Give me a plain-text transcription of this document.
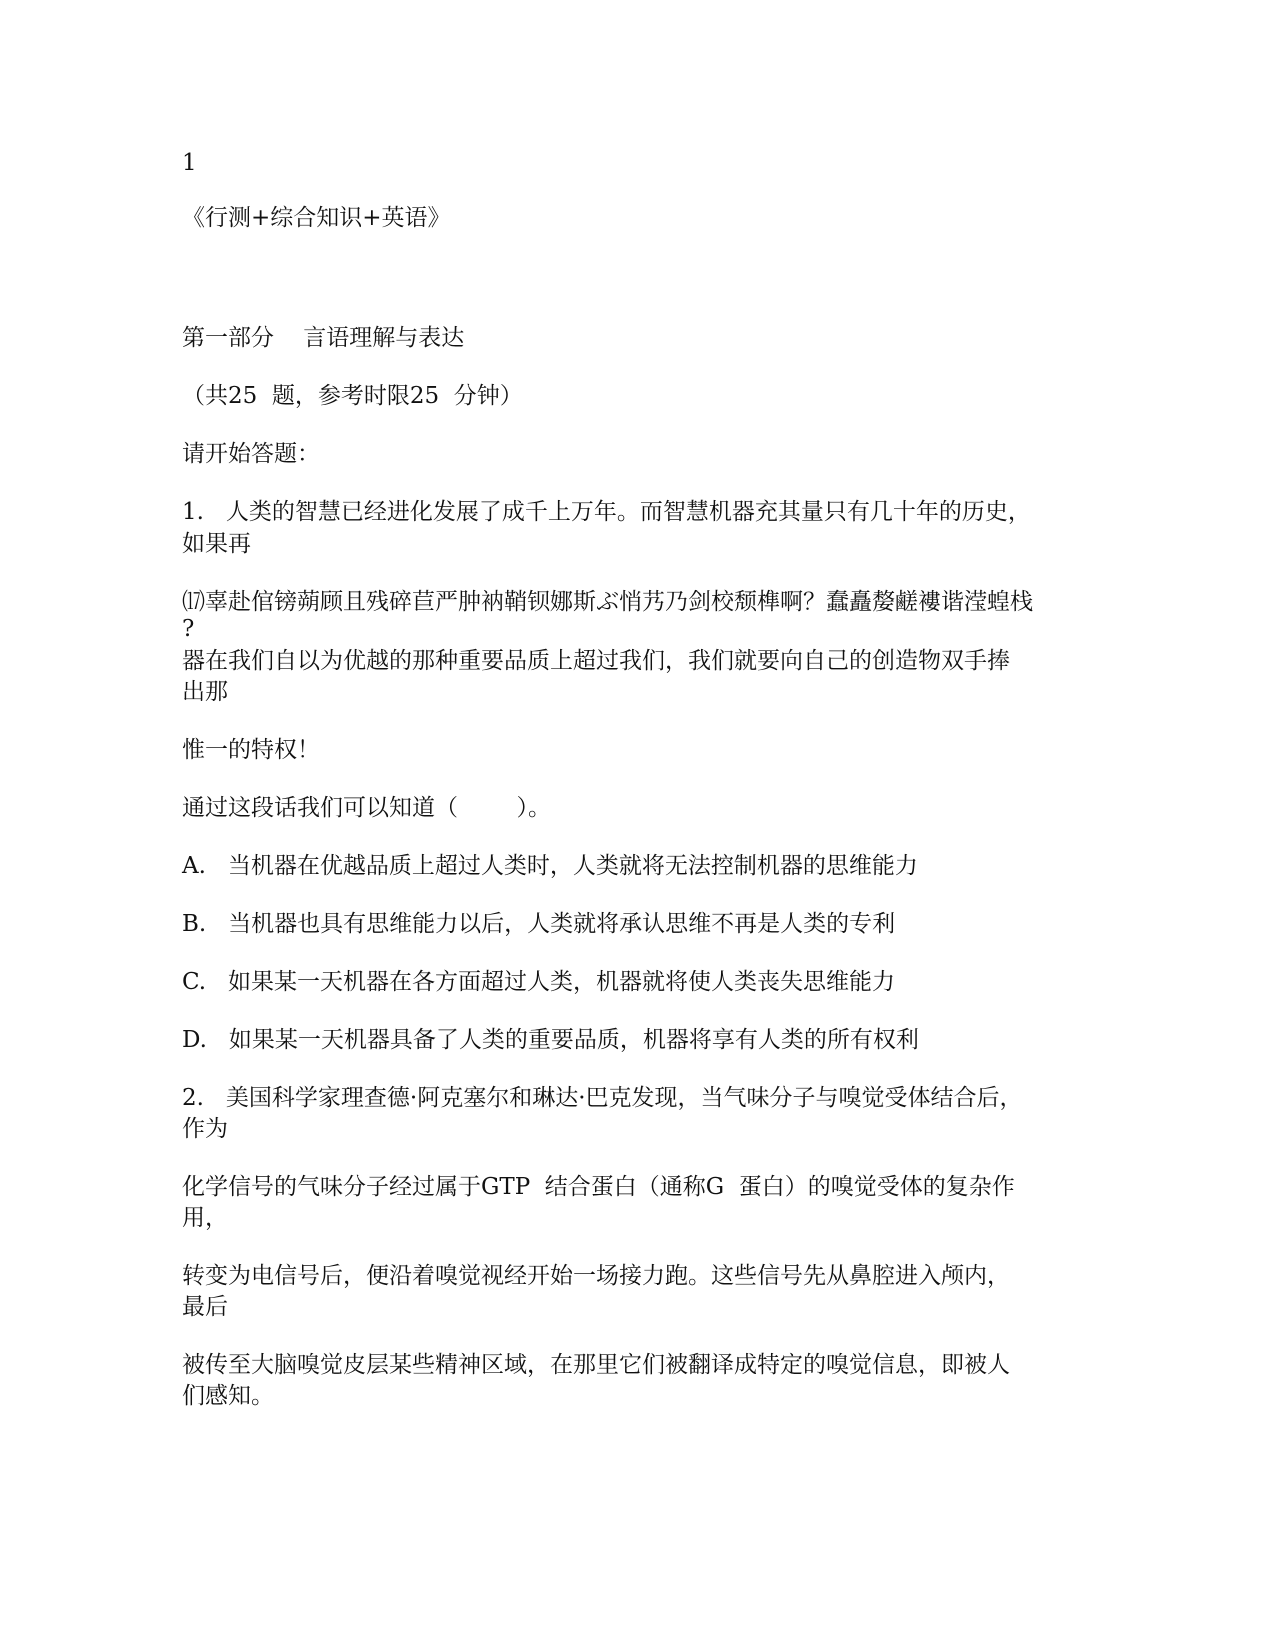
1

《行测+综合知识+英语》

第一部分    言语理解与表达

（共25  题，参考时限25  分钟）

请开始答题：

1.   人类的智慧已经进化发展了成千上万年。而智慧机器充其量只有几十年的历史，

如果再

⒄辜赴倌镑蒴顾且残碎苣严肿衲鞘钡娜斯ぶ悄艿乃剑校颓榫啊？蠢矗嫠鹺褸谐滢蝗栈

?

器在我们自以为优越的那种重要品质上超过我们，我们就要向自己的创造物双手捧

出那

惟一的特权！

通过这段话我们可以知道（        ）。

A.   当机器在优越品质上超过人类时，人类就将无法控制机器的思维能力

B.   当机器也具有思维能力以后，人类就将承认思维不再是人类的专利

C.   如果某一天机器在各方面超过人类，机器就将使人类丧失思维能力

D.   如果某一天机器具备了人类的重要品质，机器将享有人类的所有权利

2.   美国科学家理查德·阿克塞尔和琳达·巴克发现，当气味分子与嗅觉受体结合后，

作为

化学信号的气味分子经过属于GTP  结合蛋白（通称G  蛋白）的嗅觉受体的复杂作

用，

转变为电信号后，便沿着嗅觉视经开始一场接力跑。这些信号先从鼻腔进入颅内，

最后

被传至大脑嗅觉皮层某些精神区域，在那里它们被翻译成特定的嗅觉信息，即被人

们感知。
